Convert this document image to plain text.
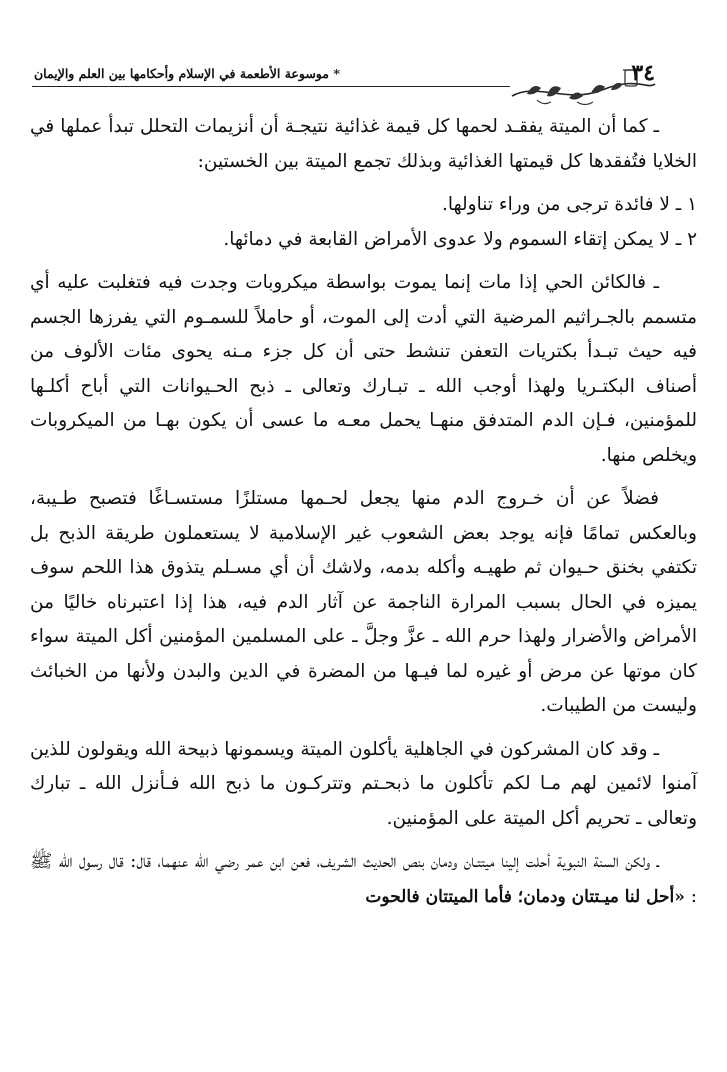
٣٤
* موسوعة الأطعمة في الإسلام وأحكامها بين العلم والإيمان

ـ كما أن الميتة يفقـد لحمها كل قيمة غذائية نتيجـة أن أنزيمات التحلل تبدأ عملها في الخلايا فتُفقدها كل قيمتها الغذائية وبذلك تجمع الميتة بين الخستين:

١ ـ لا فائدة ترجى من وراء تناولها.

٢ ـ لا يمكن إتقاء السموم ولا عدوى الأمراض القابعة في دمائها.

ـ فالكائن الحي إذا مات إنما يموت بواسطة ميكروبات وجدت فيه فتغلبت عليه أي متسمم بالجـراثيم المرضية التي أدت إلى الموت، أو حاملاً للسمـوم التي يفرزها الجسم فيه حيث تبـدأ بكتريات التعفن تنشط حتى أن كل جزء مـنه يحوى مئات الألوف من أصناف البكتـريا ولهذا أوجب الله ـ تبـارك وتعالى ـ ذبح الحـيوانات التي أباح أكلـها للمؤمنين، فـإن الدم المتدفق منهـا يحمل معـه ما عسى أن يكون بهـا من الميكروبات ويخلص منها.

فضلاً عن أن خـروج الدم منها يجعل لحـمها مستلزًا مستسـاغًا فتصبح طـيبة، وبالعكس تمامًا فإنه يوجد بعض الشعوب غير الإسلامية لا يستعملون طريقة الذبح بل تكتفي بخنق حـيوان ثم طهيـه وأكله بدمه، ولاشك أن أي مسـلم يتذوق هذا اللحم سوف يميزه في الحال بسبب المرارة الناجمة عن آثار الدم فيه، هذا إذا اعتبرناه خاليًا من الأمراض والأضرار ولهذا حرم الله ـ عزَّ وجلَّ ـ على المسلمين المؤمنين أكل الميتة سواء كان موتها عن مرض أو غيره لما فيـها من المضرة في الدين والبدن ولأنها من الخبائث وليست من الطيبات.

ـ وقد كان المشركون في الجاهلية يأكلون الميتة ويسمونها ذبيحة الله ويقولون للذين آمنوا لائمين لهم مـا لكم تأكلون ما ذبحـتم وتتركـون ما ذبح الله فـأنزل الله ـ تبارك وتعالى ـ تحريم أكل الميتة على المؤمنين.

ـ ولكن السنة النبوية أحلت إلينا ميتتـان ودمان بنص الحديث الشريف، فعن ابن عمر رضي الله عنهما، قال: قال رسول الله ﷺ : «أحل لنا ميـتتان ودمان؛ فأما الميتتان فالحوت
